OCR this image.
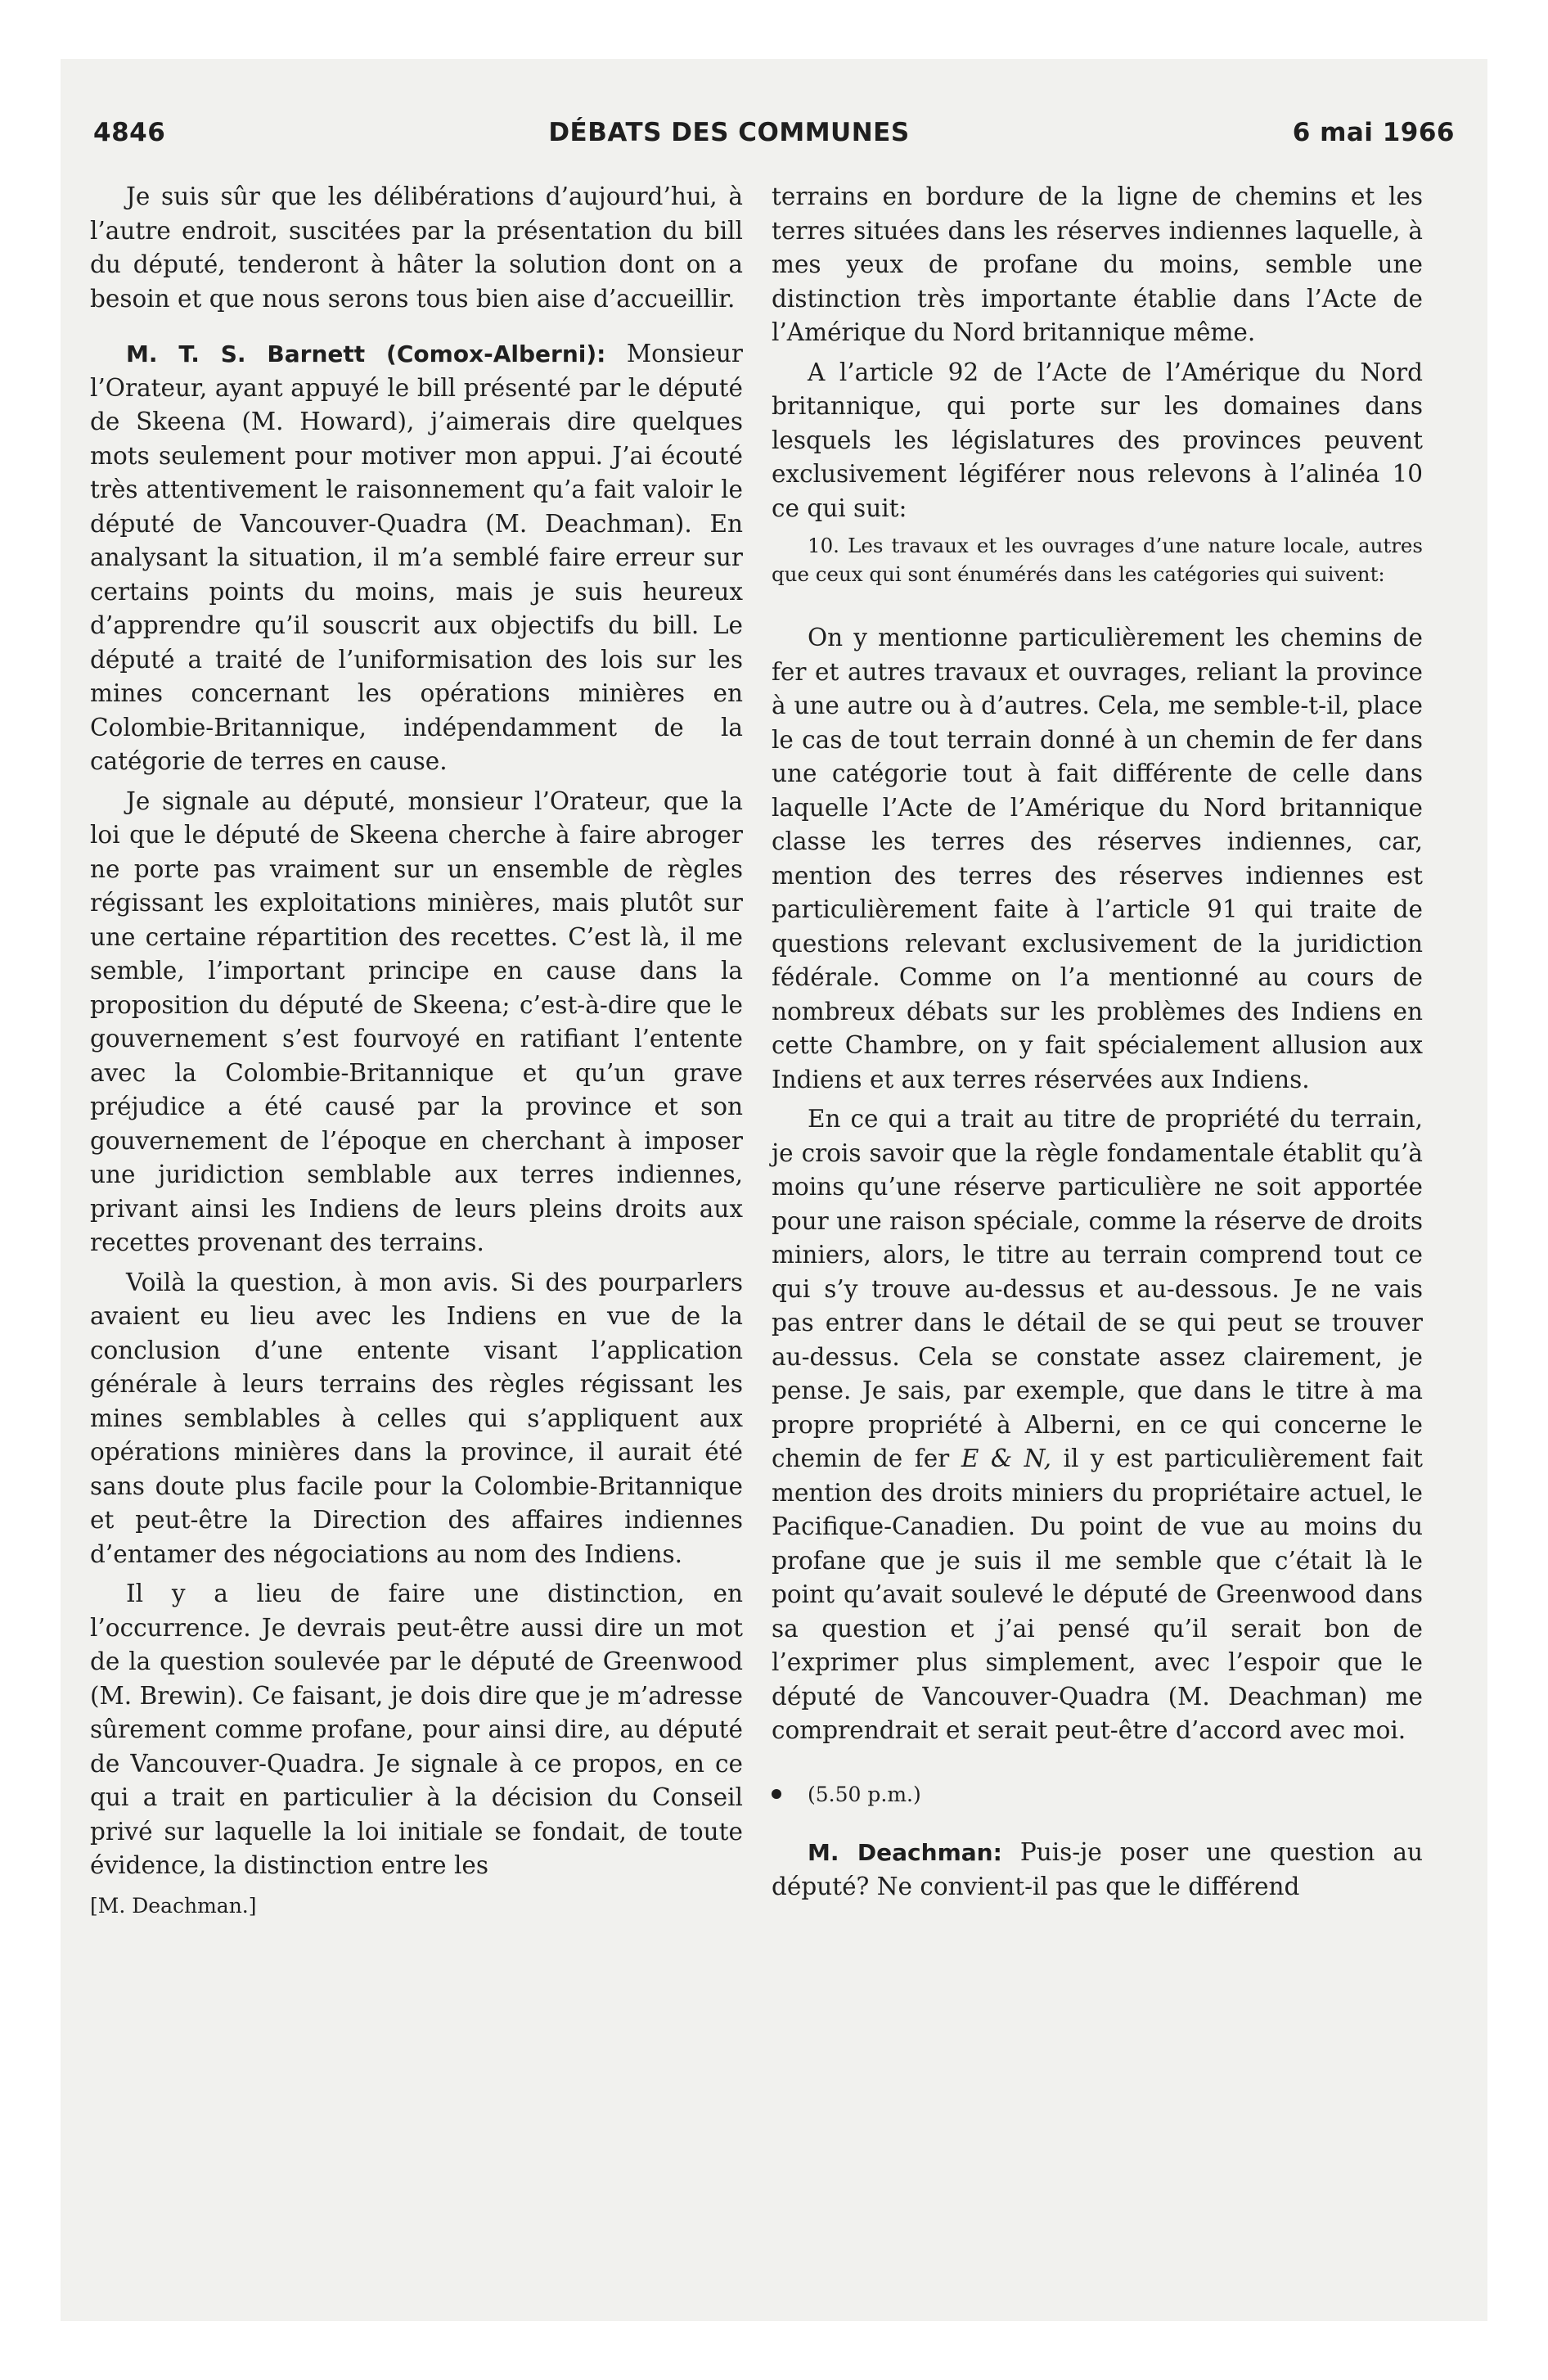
4846	DÉBATS DES COMMUNES	6 mai 1966

Je suis sûr que les délibérations d’aujourd’hui, à l’autre endroit, suscitées par la présentation du bill du député, tenderont à hâter la solution dont on a besoin et que nous serons tous bien aise d’accueillir.

M. T. S. Barnett (Comox-Alberni): Monsieur l’Orateur, ayant appuyé le bill présenté par le député de Skeena (M. Howard), j’aimerais dire quelques mots seulement pour motiver mon appui. J’ai écouté très attentivement le raisonnement qu’a fait valoir le député de Vancouver-Quadra (M. Deachman). En analysant la situation, il m’a semblé faire erreur sur certains points du moins, mais je suis heureux d’apprendre qu’il souscrit aux objectifs du bill. Le député a traité de l’uniformisation des lois sur les mines concernant les opérations minières en Colombie-Britannique, indépendamment de la catégorie de terres en cause.

Je signale au député, monsieur l’Orateur, que la loi que le député de Skeena cherche à faire abroger ne porte pas vraiment sur un ensemble de règles régissant les exploitations minières, mais plutôt sur une certaine répartition des recettes. C’est là, il me semble, l’important principe en cause dans la proposition du député de Skeena; c’est-à-dire que le gouvernement s’est fourvoyé en ratifiant l’entente avec la Colombie-Britannique et qu’un grave préjudice a été causé par la province et son gouvernement de l’époque en cherchant à imposer une juridiction semblable aux terres indiennes, privant ainsi les Indiens de leurs pleins droits aux recettes provenant des terrains.

Voilà la question, à mon avis. Si des pourparlers avaient eu lieu avec les Indiens en vue de la conclusion d’une entente visant l’application générale à leurs terrains des règles régissant les mines semblables à celles qui s’appliquent aux opérations minières dans la province, il aurait été sans doute plus facile pour la Colombie-Britannique et peut-être la Direction des affaires indiennes d’entamer des négociations au nom des Indiens.

Il y a lieu de faire une distinction, en l’occurrence. Je devrais peut-être aussi dire un mot de la question soulevée par le député de Greenwood (M. Brewin). Ce faisant, je dois dire que je m’adresse sûrement comme profane, pour ainsi dire, au député de Vancouver-Quadra. Je signale à ce propos, en ce qui a trait en particulier à la décision du Conseil privé sur laquelle la loi initiale se fondait, de toute évidence, la distinction entre les

[M. Deachman.]

terrains en bordure de la ligne de chemins et les terres situées dans les réserves indiennes laquelle, à mes yeux de profane du moins, semble une distinction très importante établie dans l’Acte de l’Amérique du Nord britannique même.

A l’article 92 de l’Acte de l’Amérique du Nord britannique, qui porte sur les domaines dans lesquels les législatures des provinces peuvent exclusivement légiférer nous relevons à l’alinéa 10 ce qui suit:

10. Les travaux et les ouvrages d’une nature locale, autres que ceux qui sont énumérés dans les catégories qui suivent:

On y mentionne particulièrement les chemins de fer et autres travaux et ouvrages, reliant la province à une autre ou à d’autres. Cela, me semble-t-il, place le cas de tout terrain donné à un chemin de fer dans une catégorie tout à fait différente de celle dans laquelle l’Acte de l’Amérique du Nord britannique classe les terres des réserves indiennes, car, mention des terres des réserves indiennes est particulièrement faite à l’article 91 qui traite de questions relevant exclusivement de la juridiction fédérale. Comme on l’a mentionné au cours de nombreux débats sur les problèmes des Indiens en cette Chambre, on y fait spécialement allusion aux Indiens et aux terres réservées aux Indiens.

En ce qui a trait au titre de propriété du terrain, je crois savoir que la règle fondamentale établit qu’à moins qu’une réserve particulière ne soit apportée pour une raison spéciale, comme la réserve de droits miniers, alors, le titre au terrain comprend tout ce qui s’y trouve au-dessus et au-dessous. Je ne vais pas entrer dans le détail de se qui peut se trouver au-dessus. Cela se constate assez clairement, je pense. Je sais, par exemple, que dans le titre à ma propre propriété à Alberni, en ce qui concerne le chemin de fer E & N, il y est particulièrement fait mention des droits miniers du propriétaire actuel, le Pacifique-Canadien. Du point de vue au moins du profane que je suis il me semble que c’était là le point qu’avait soulevé le député de Greenwood dans sa question et j’ai pensé qu’il serait bon de l’exprimer plus simplement, avec l’espoir que le député de Vancouver-Quadra (M. Deachman) me comprendrait et serait peut-être d’accord avec moi.

(5.50 p.m.)

M. Deachman: Puis-je poser une question au député? Ne convient-il pas que le différend
